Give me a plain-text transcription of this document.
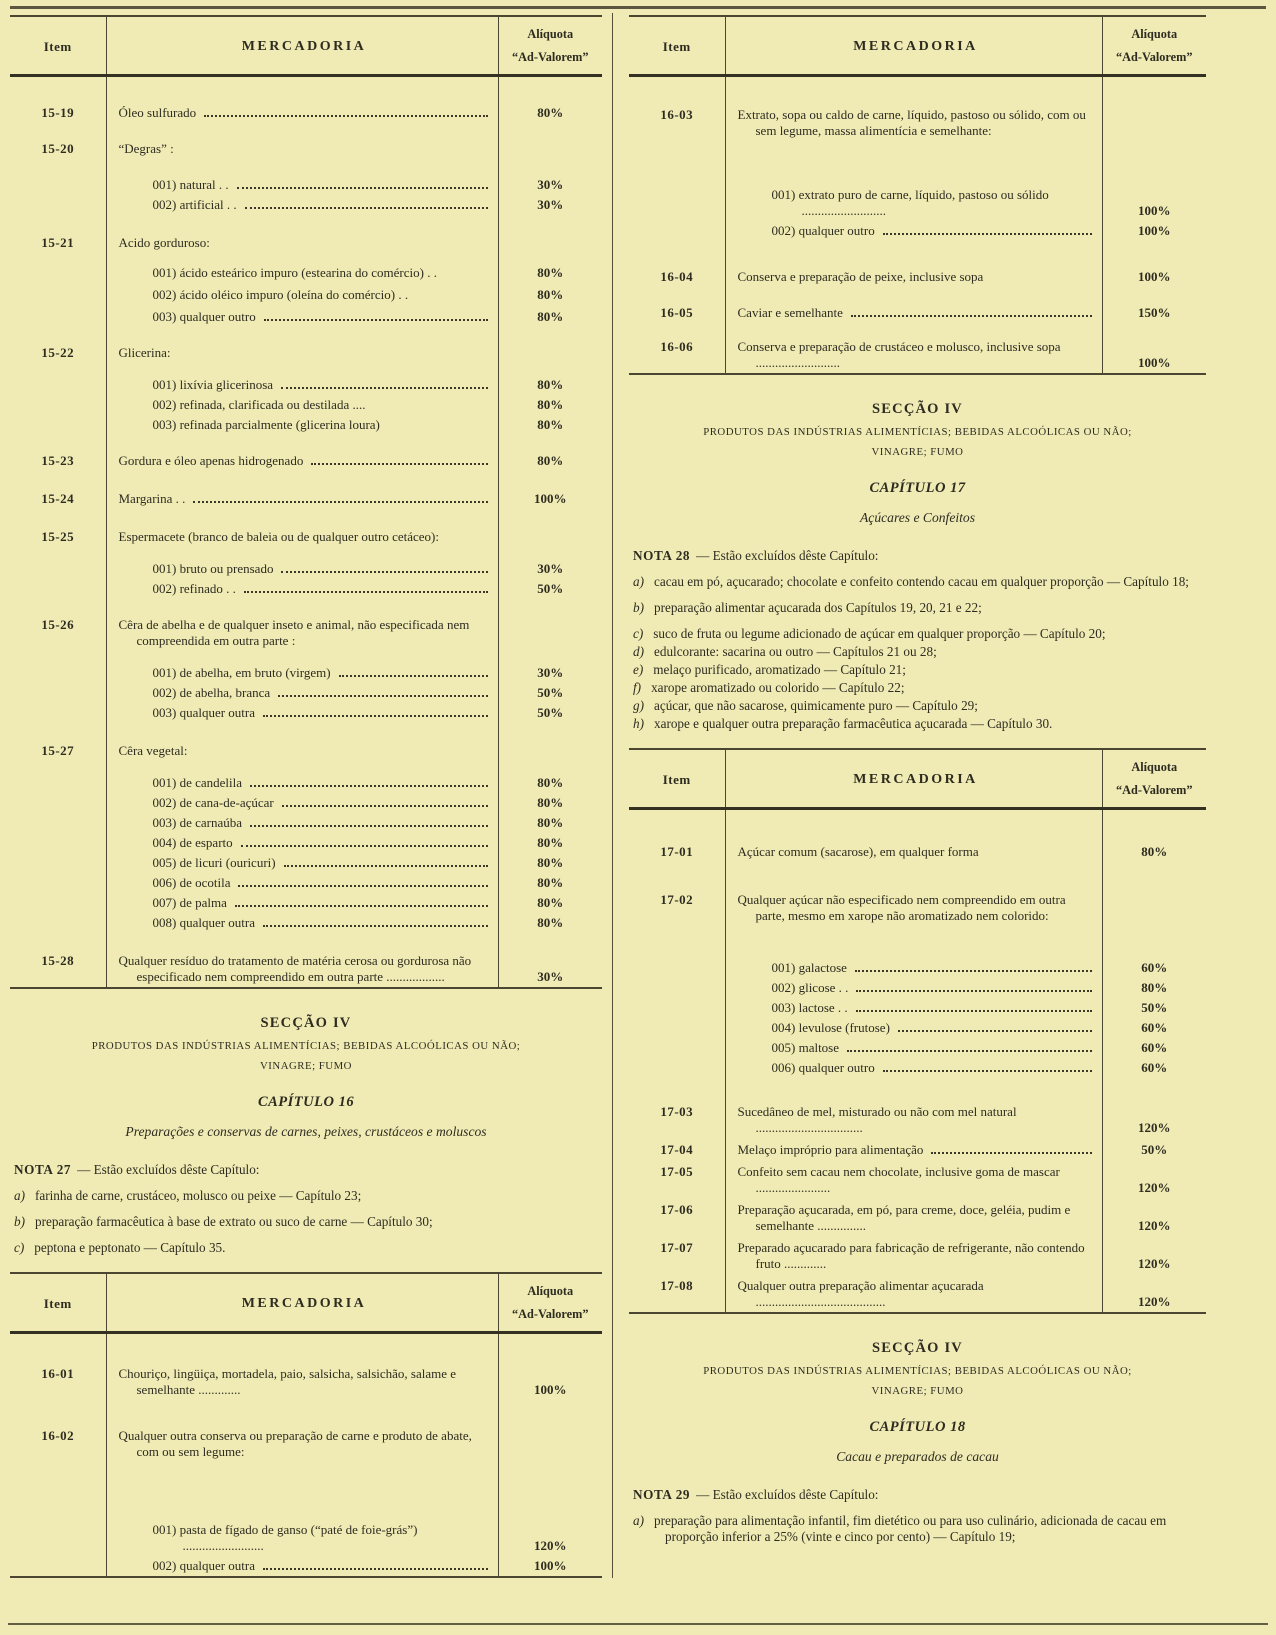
Item	MERCADORIA	
Alíquota
“Ad-Valorem”

15-19	Óleo sulfurado	80%
15-20	“Degras” :

001) natural . .	30%

002) artificial . .	30%
15-21	Acido gorduroso:

001) ácido esteárico impuro (estearina do comércio) . .	80%

002) ácido oléico impuro (oleína do comércio) . .	80%

003) qualquer outro	80%
15-22	Glicerina:

001) lixívia glicerinosa	80%

002) refinada, clarificada ou destilada ....	80%

003) refinada parcialmente (glicerina loura)	80%
15-23	Gordura e óleo apenas hidrogenado	80%
15-24	Margarina . .	100%
15-25	Espermacete (branco de baleia ou de qualquer outro cetáceo):

001) bruto ou prensado	30%

002) refinado . .	50%
15-26	Cêra de abelha e de qualquer inseto e animal, não especificada nem compreendida em outra parte :

001) de abelha, em bruto (virgem)	30%

002) de abelha, branca	50%

003) qualquer outra	50%
15-27	Cêra vegetal:

001) de candelila	80%

002) de cana-de-açúcar	80%

003) de carnaúba	80%

004) de esparto	80%

005) de licuri (ouricuri)	80%

006) de ocotila	80%

007) de palma	80%

008) qualquer outra	80%
15-28	Qualquer resíduo do tratamento de matéria cerosa ou gordurosa não especificado nem compreendido em outra parte ..................	30%
SECÇÃO IV
PRODUTOS DAS INDÚSTRIAS ALIMENTÍCIAS; BEBIDAS ALCOÓLICAS OU NÃO;
VINAGRE; FUMO
CAPÍTULO 16
Preparações e conservas de carnes, peixes, crustáceos e moluscos
NOTA 27 — Estão excluídos dêste Capítulo:
a) farinha de carne, crustáceo, molusco ou peixe — Capítulo 23;
b) preparação farmacêutica à base de extrato ou suco de carne — Capítulo 30;
c) peptona e peptonato — Capítulo 35.
Item	MERCADORIA	
Alíquota
“Ad-Valorem”

16-01	Chouriço, lingüiça, mortadela, paio, salsicha, salsichão, salame e semelhante .............	100%
16-02	Qualquer outra conserva ou preparação de carne e produto de abate, com ou sem legume:

001) pasta de fígado de ganso (“paté de foie-grás”) .........................	120%

002) qualquer outra	100%
Item	MERCADORIA	
Alíquota
“Ad-Valorem”

16-03	Extrato, sopa ou caldo de carne, líquido, pastoso ou sólido, com ou sem legume, massa alimentícia e semelhante:

001) extrato puro de carne, líquido, pastoso ou sólido ..........................	100%

002) qualquer outro	100%
16-04	Conserva e preparação de peixe, inclusive sopa	100%
16-05	Caviar e semelhante	150%
16-06	Conserva e preparação de crustáceo e molusco, inclusive sopa ..........................	100%
SECÇÃO IV
PRODUTOS DAS INDÚSTRIAS ALIMENTÍCIAS; BEBIDAS ALCOÓLICAS OU NÃO;
VINAGRE; FUMO
CAPÍTULO 17
Açúcares e Confeitos
NOTA 28 — Estão excluídos dêste Capítulo:
a) cacau em pó, açucarado; chocolate e confeito contendo cacau em qualquer proporção — Capítulo 18;
b) preparação alimentar açucarada dos Capítulos 19, 20, 21 e 22;
c) suco de fruta ou legume adicionado de açúcar em qualquer proporção — Capítulo 20;
d) edulcorante: sacarina ou outro — Capítulos 21 ou 28;
e) melaço purificado, aromatizado — Capítulo 21;
f) xarope aromatizado ou colorido — Capítulo 22;
g) açúcar, que não sacarose, quimicamente puro — Capítulo 29;
h) xarope e qualquer outra preparação farmacêutica açucarada — Capítulo 30.
Item	MERCADORIA	
Alíquota
“Ad-Valorem”

17-01	Açúcar comum (sacarose), em qualquer forma	80%
17-02	Qualquer açúcar não especificado nem compreendido em outra parte, mesmo em xarope não aromatizado nem colorido:

001) galactose	60%

002) glicose . .	80%

003) lactose . .	50%

004) levulose (frutose)	60%

005) maltose	60%

006) qualquer outro	60%
17-03	Sucedâneo de mel, misturado ou não com mel natural .................................	120%
17-04	Melaço impróprio para alimentação	50%
17-05	Confeito sem cacau nem chocolate, inclusive goma de mascar .......................	120%
17-06	Preparação açucarada, em pó, para creme, doce, geléia, pudim e semelhante ...............	120%
17-07	Preparado açucarado para fabricação de refrigerante, não contendo fruto .............	120%
17-08	Qualquer outra preparação alimentar açucarada ........................................	120%
SECÇÃO IV
PRODUTOS DAS INDÚSTRIAS ALIMENTÍCIAS; BEBIDAS ALCOÓLICAS OU NÃO;
VINAGRE; FUMO
CAPÍTULO 18
Cacau e preparados de cacau
NOTA 29 — Estão excluídos dêste Capítulo:
a) preparação para alimentação infantil, fim dietético ou para uso culinário, adicionada de cacau em proporção inferior a 25% (vinte e cinco por cento) — Capítulo 19;
